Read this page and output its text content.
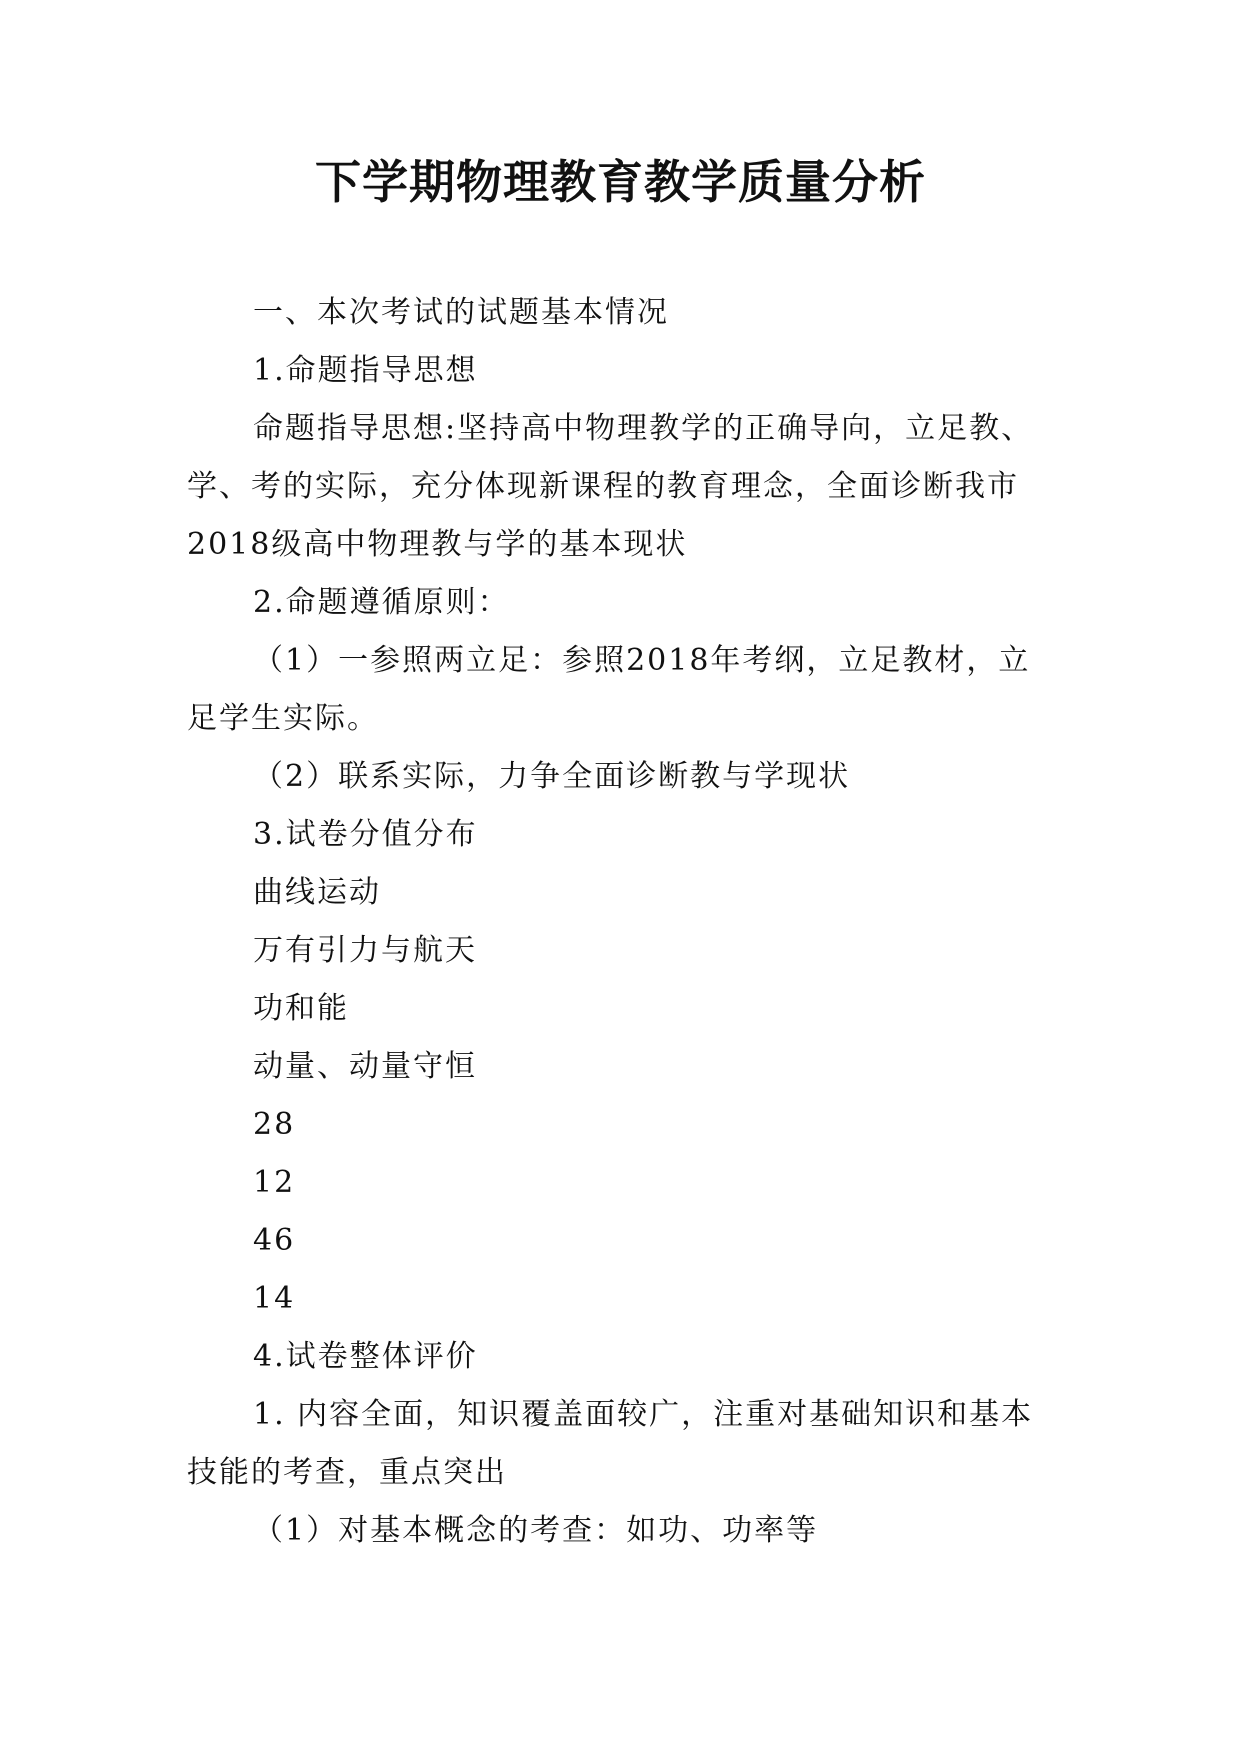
下学期物理教育教学质量分析

一、本次考试的试题基本情况

1.命题指导思想

命题指导思想:坚持高中物理教学的正确导向，立足教、学、考的实际，充分体现新课程的教育理念，全面诊断我市2018级高中物理教与学的基本现状

2.命题遵循原则：

（1）一参照两立足：参照2018年考纲，立足教材，立足学生实际。

（2）联系实际，力争全面诊断教与学现状

3.试卷分值分布

曲线运动

万有引力与航天

功和能

动量、动量守恒

28

12

46

14

4.试卷整体评价

1. 内容全面，知识覆盖面较广，注重对基础知识和基本技能的考查，重点突出

（1）对基本概念的考查：如功、功率等
